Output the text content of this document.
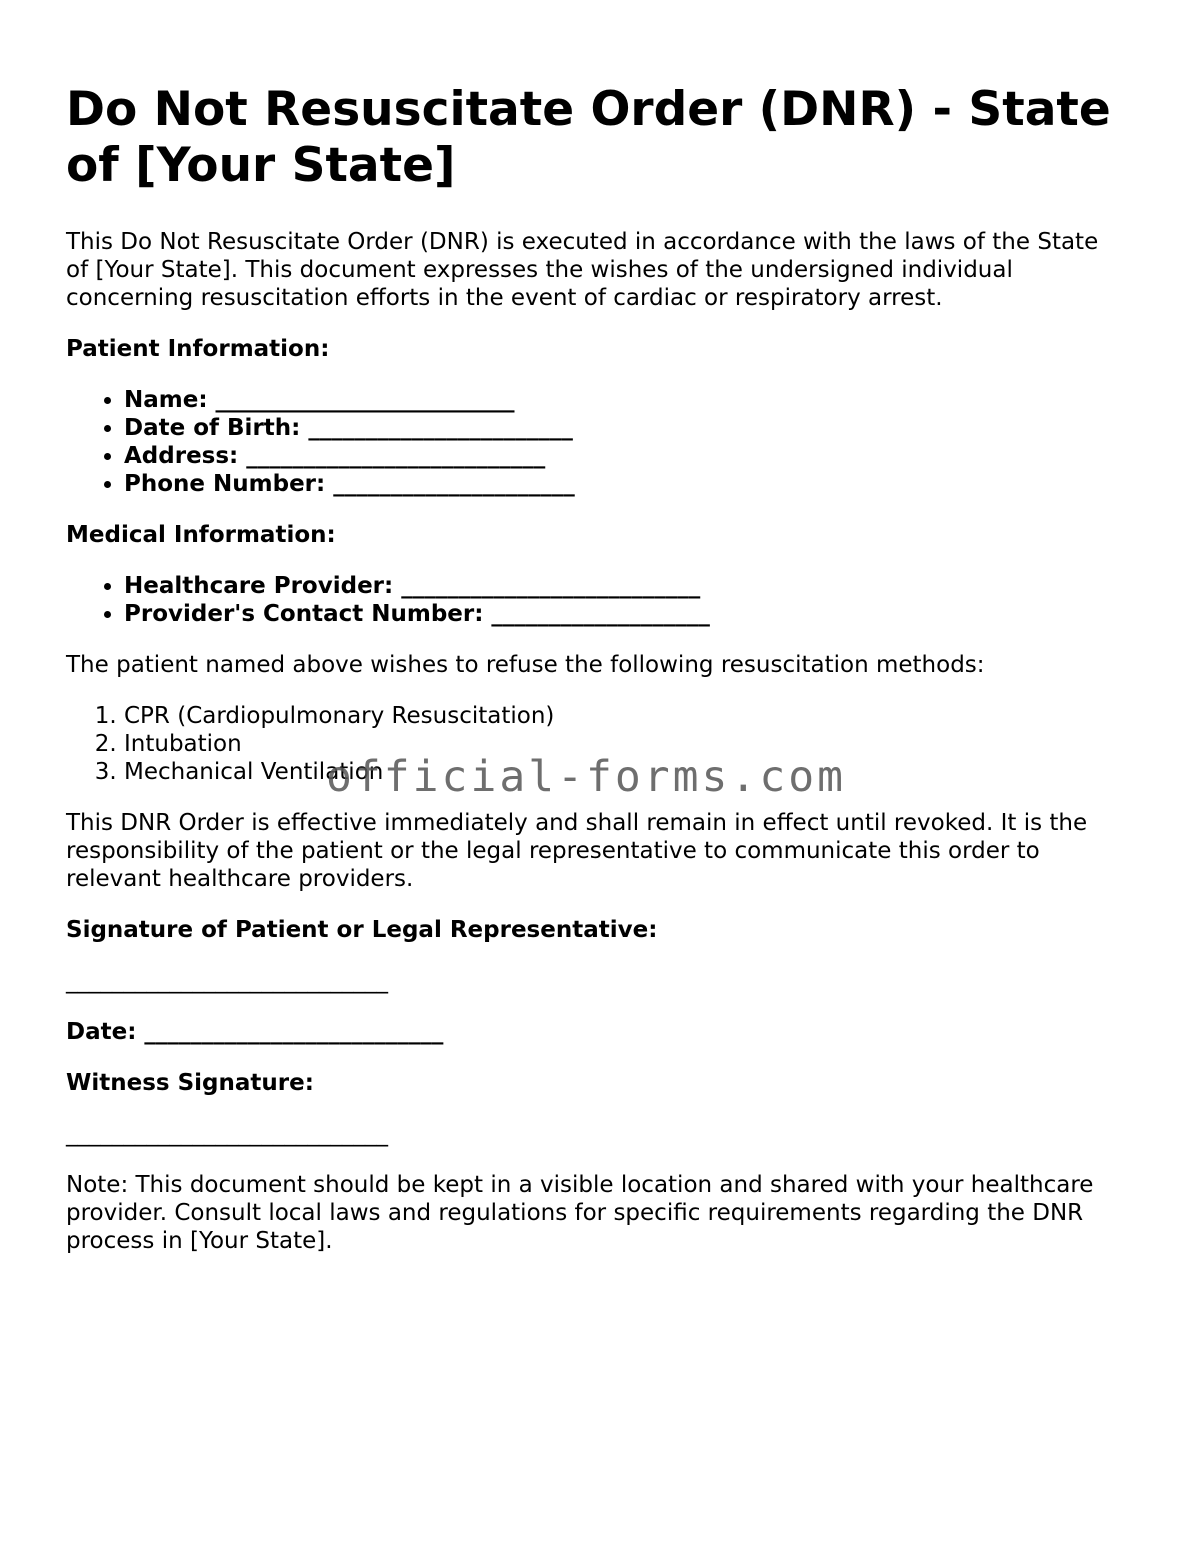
Do Not Resuscitate Order (DNR) - State of [Your State]

This Do Not Resuscitate Order (DNR) is executed in accordance with the laws of the State of [Your State]. This document expresses the wishes of the undersigned individual concerning resuscitation efforts in the event of cardiac or respiratory arrest.

Patient Information:
• Name: __________________________
• Date of Birth: _______________________
• Address: __________________________
• Phone Number: _____________________
Medical Information:
• Healthcare Provider: __________________________
• Provider's Contact Number: ___________________

The patient named above wishes to refuse the following resuscitation methods:

1. CPR (Cardiopulmonary Resuscitation)
2. Intubation
3. Mechanical Ventilation

This DNR Order is effective immediately and shall remain in effect until revoked. It is the responsibility of the patient or the legal representative to communicate this order to relevant healthcare providers.

Signature of Patient or Legal Representative:
____________________________
Date: __________________________
Witness Signature:
____________________________

Note: This document should be kept in a visible location and shared with your healthcare provider. Consult local laws and regulations for specific requirements regarding the DNR process in [Your State].

official-forms.com
